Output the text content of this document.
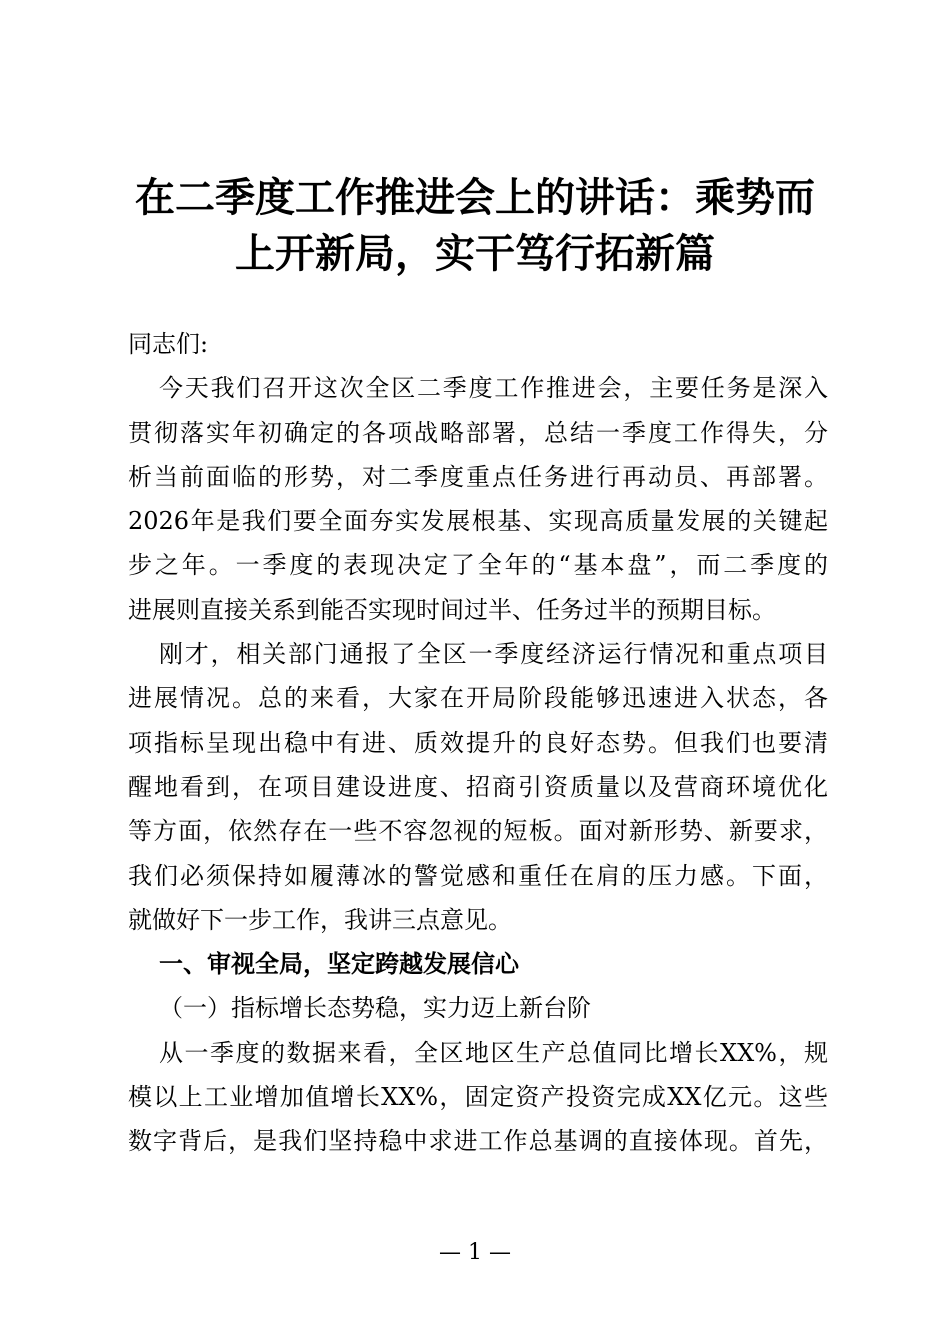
在二季度工作推进会上的讲话：乘势而
上开新局，实干笃行拓新篇
同志们:
今天我们召开这次全区二季度工作推进会，主要任务是深入
贯彻落实年初确定的各项战略部署，总结一季度工作得失，分
析当前面临的形势，对二季度重点任务进行再动员、再部署。
2026年是我们要全面夯实发展根基、实现高质量发展的关键起
步之年。一季度的表现决定了全年的“基本盘”，而二季度的
进展则直接关系到能否实现时间过半、任务过半的预期目标。
刚才，相关部门通报了全区一季度经济运行情况和重点项目
进展情况。总的来看，大家在开局阶段能够迅速进入状态，各
项指标呈现出稳中有进、质效提升的良好态势。但我们也要清
醒地看到，在项目建设进度、招商引资质量以及营商环境优化
等方面，依然存在一些不容忽视的短板。面对新形势、新要求，
我们必须保持如履薄冰的警觉感和重任在肩的压力感。下面，
就做好下一步工作，我讲三点意见。
一、审视全局，坚定跨越发展信心
（一）指标增长态势稳，实力迈上新台阶
从一季度的数据来看，全区地区生产总值同比增长XX%，规
模以上工业增加值增长XX%，固定资产投资完成XX亿元。这些
数字背后，是我们坚持稳中求进工作总基调的直接体现。首先，
— 1 —
